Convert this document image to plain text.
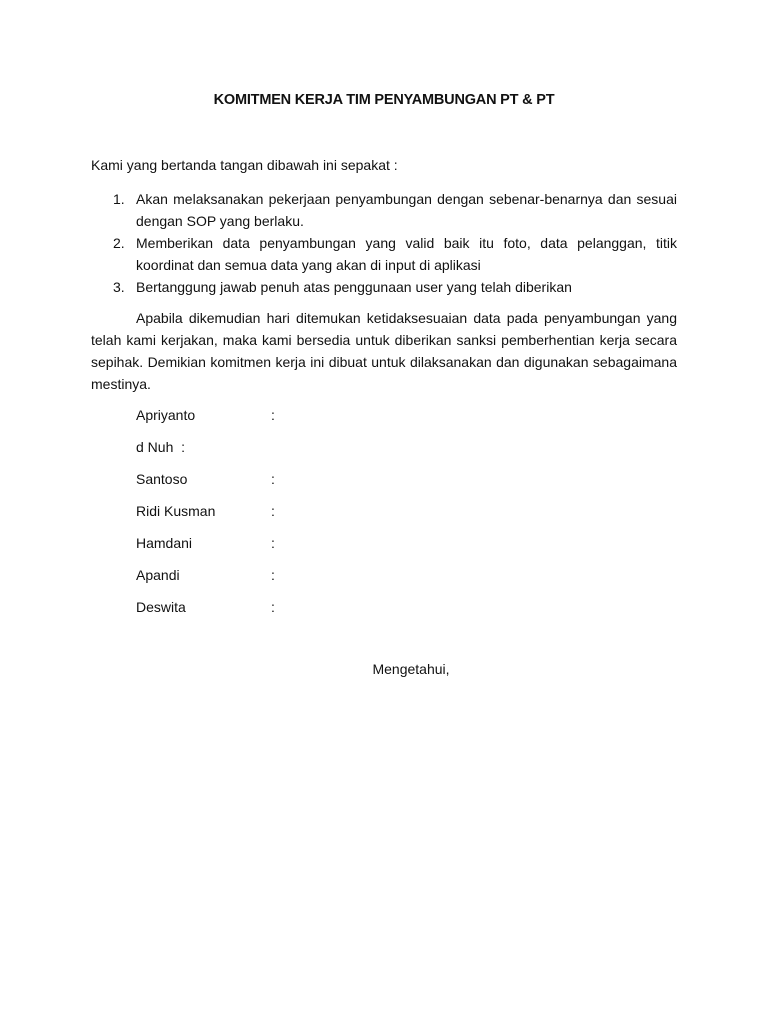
KOMITMEN KERJA TIM PENYAMBUNGAN PT & PT
Kami yang bertanda tangan dibawah ini sepakat :
1. Akan melaksanakan pekerjaan penyambungan dengan sebenar-benarnya dan sesuai dengan SOP yang berlaku.
2. Memberikan data penyambungan yang valid baik itu foto, data pelanggan, titik koordinat dan semua data yang akan di input di aplikasi
3. Bertanggung jawab penuh atas penggunaan user yang telah diberikan

Apabila dikemudian hari ditemukan ketidaksesuaian data pada penyambungan yang telah kami kerjakan, maka kami bersedia untuk diberikan sanksi pemberhentian kerja secara sepihak. Demikian komitmen kerja ini dibuat untuk dilaksanakan dan digunakan sebagaimana mestinya.

Apriyanto	:
d Nuh :
Santoso	:
Ridi Kusman	:
Hamdani	:
Apandi	:
Deswita	:
Mengetahui,
